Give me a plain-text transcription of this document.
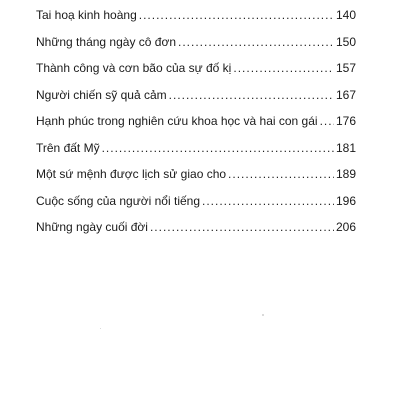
Tai hoạ kinh hoàng .....	140
Những tháng ngày cô đơn .....	150
Thành công và cơn bão của sự đố kị .....	157
Người chiến sỹ quả cảm .....	167
Hạnh phúc trong nghiên cứu khoa học và hai con gái ..... 176
Trên đất Mỹ .....	181
Một sứ mệnh được lịch sử giao cho .....	189
Cuộc sống của người nổi tiếng .....	196
Những ngày cuối đời .....	206
